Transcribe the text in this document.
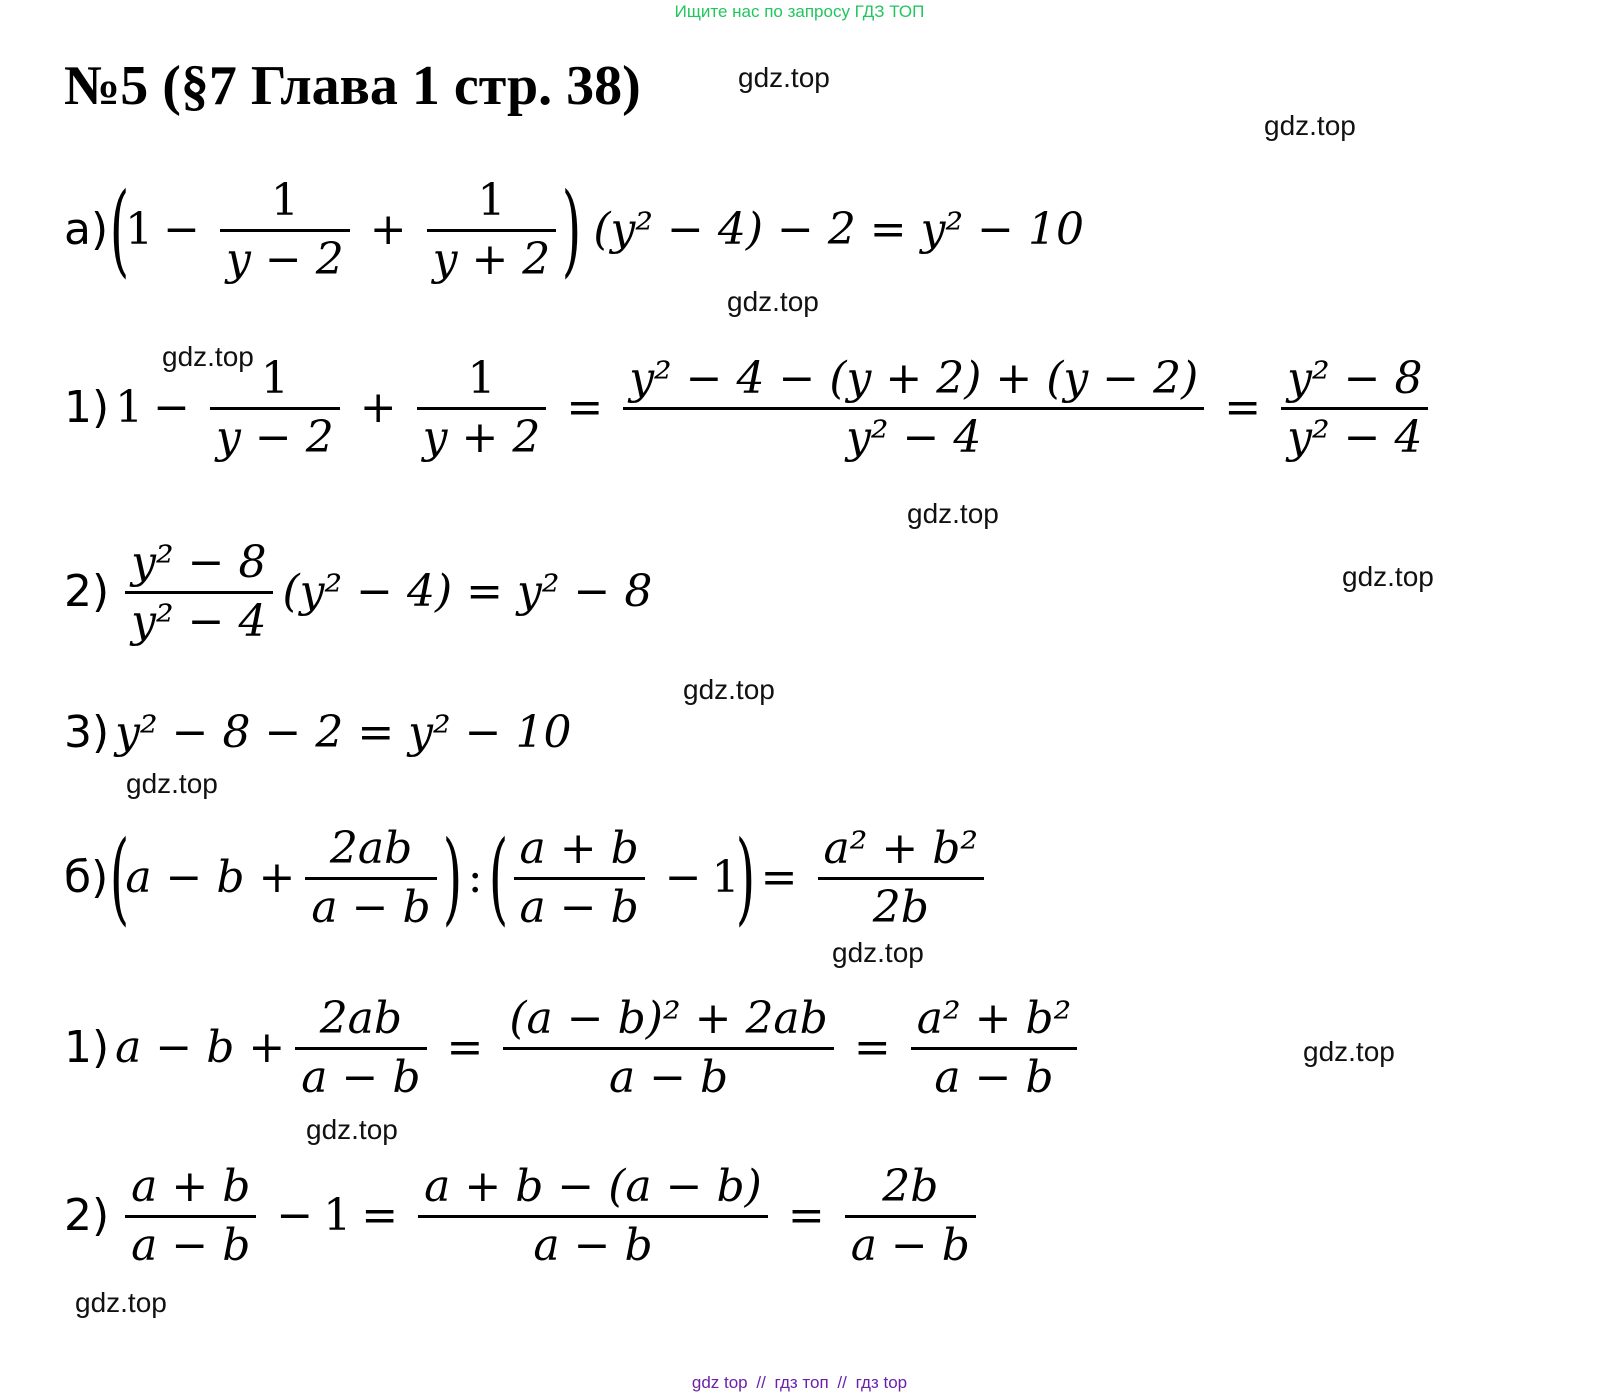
Ищите нас по запросу ГДЗ ТОП
№5 (§7 Глава 1 стр. 38)	gdz.top
gdz.top
gdz.top
gdz.top
gdz.top
gdz.top
gdz.top
gdz.top
gdz.top
gdz.top
gdz.top
gdz.top
а) (
$1 - \frac{1}{y - 2} + \frac{1}{y + 2}$ ) (y² − 4) − 2 = y² − 10
1) $1 - \frac{1}{y - 2} + \frac{1}{y + 2} = \frac{\text{y² − 4 − (y + 2) + (y − 2)}}{\text{y² − 4}} = \frac{\text{y² − 8}}{\text{y² − 4}}$
$2) \frac{\text{y² − 8}}{\text{y² − 4}} (y^2 - 4) = y^2 - 8$
3) y² − 8 − 2 = y² − 10
б) (
$a - b + \frac{2ab}{a - b}$ ) : ( $\frac{a + b}{a - b} - 1$
) = $\frac{\text{a² + b²}}{2b}$
1) $a - b + \frac{2ab}{a - b} = \frac{\text{(a − b)² + 2ab}}{a - b} = \frac{\text{a² + b²}}{a - b}$
$2) \frac{a + b}{a - b} - 1 = \frac{a + b - (a - b)}{a - b} = \frac{2b}{a - b}$
gdz top // гдз топ // гдз top
